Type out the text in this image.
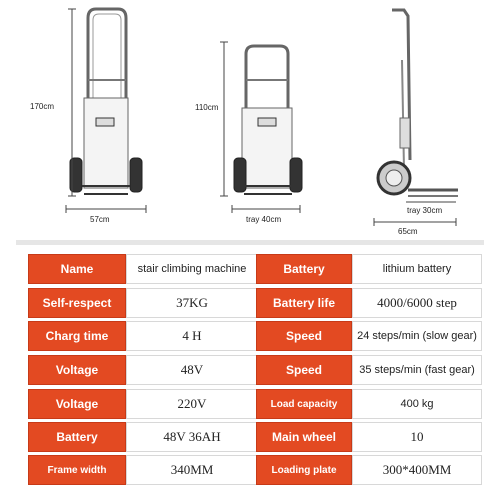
170cm
57cm
110cm
tray 40cm
tray 30cm
65cm
Name	stair climbing machine	Battery	lithium battery
Self-respect	37KG	Battery life	4000/6000 step
Charg time	4 H	Speed	24 steps/min (slow gear)
Voltage	48V	Speed	35 steps/min (fast gear)
Voltage	220V	Load capacity	400 kg
Battery	48V 36AH	Main wheel	10
Frame width	340MM	Loading plate	300*400MM
